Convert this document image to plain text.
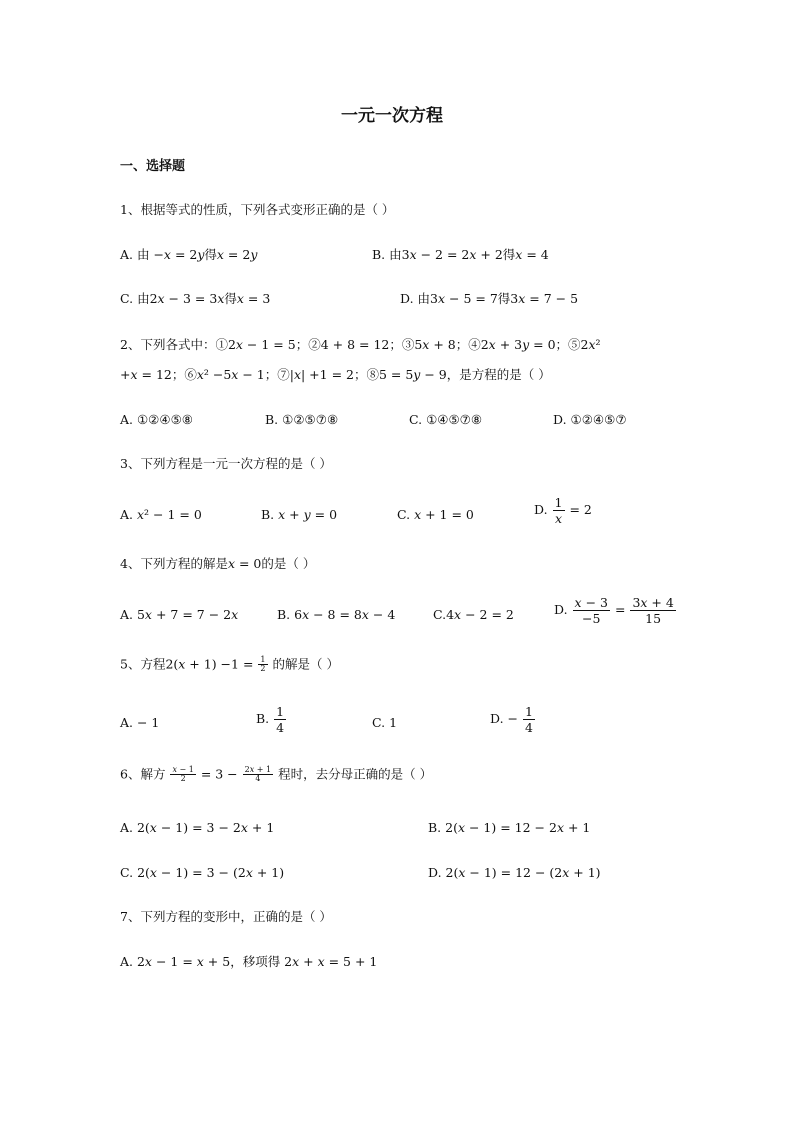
一元一次方程
一、选择题
1、根据等式的性质，下列各式变形正确的是（ ）
A. 由 −𝑥 = 2𝑦得𝑥 = 2𝑦	B. 由3𝑥 − 2 = 2𝑥 + 2得𝑥 = 4
C. 由2𝑥 − 3 = 3𝑥得𝑥 = 3	D. 由3𝑥 − 5 = 7得3𝑥 = 7 − 5
2、下列各式中：①2𝑥 − 1 = 5；②4 + 8 = 12；③5𝑥 + 8；④2𝑥 + 3𝑦 = 0；⑤2𝑥²
+𝑥 = 12；⑥𝑥² −5𝑥 − 1；⑦|𝑥| +1 = 2；⑧5 = 5𝑦 − 9，是方程的是（ ）
A. ①②④⑤⑧	B. ①②⑤⑦⑧	C. ①④⑤⑦⑧	D. ①②④⑤⑦
3、下列方程是一元一次方程的是（ ）
A. 𝑥² − 1 = 0	B. 𝑥 + 𝑦 = 0	C. 𝑥 + 1 = 0	D. $\frac{1}{\text{𝑥}} = 2$
4、下列方程的解是𝑥 = 0的是（ ）
A. 5𝑥 + 7 = 7 − 2𝑥	B. 6𝑥 − 8 = 8𝑥 − 4	C.4𝑥 − 2 = 2	D. $\frac{\text{𝑥 − 3}}{-5} = \frac{\text{3𝑥 + 4}}{15}$
5、方程2(𝑥 + $1) -1 = \frac{1}{2}$ 的解是（ ）
A. − 1	B. $\frac{1}{4}$	C. 1	D. − $\frac{1}{4}$
6、解方 $\frac{\text{𝑥 − 1}}{2} = 3 - \frac{\text{2𝑥 + 1}}{4}$ 程时，去分母正确的是（ ）
A. 2(𝑥 − 1) = 3 − 2𝑥 + 1	B. 2(𝑥 − 1) = 12 − 2𝑥 + 1
C. 2(𝑥 − 1) = 3 − (2𝑥 + 1)	D. 2(𝑥 − 1) = 12 − (2𝑥 + 1)
7、下列方程的变形中，正确的是（ ）
A. 2𝑥 − 1 = 𝑥 + 5，移项得 2𝑥 + 𝑥 = 5 + 1
